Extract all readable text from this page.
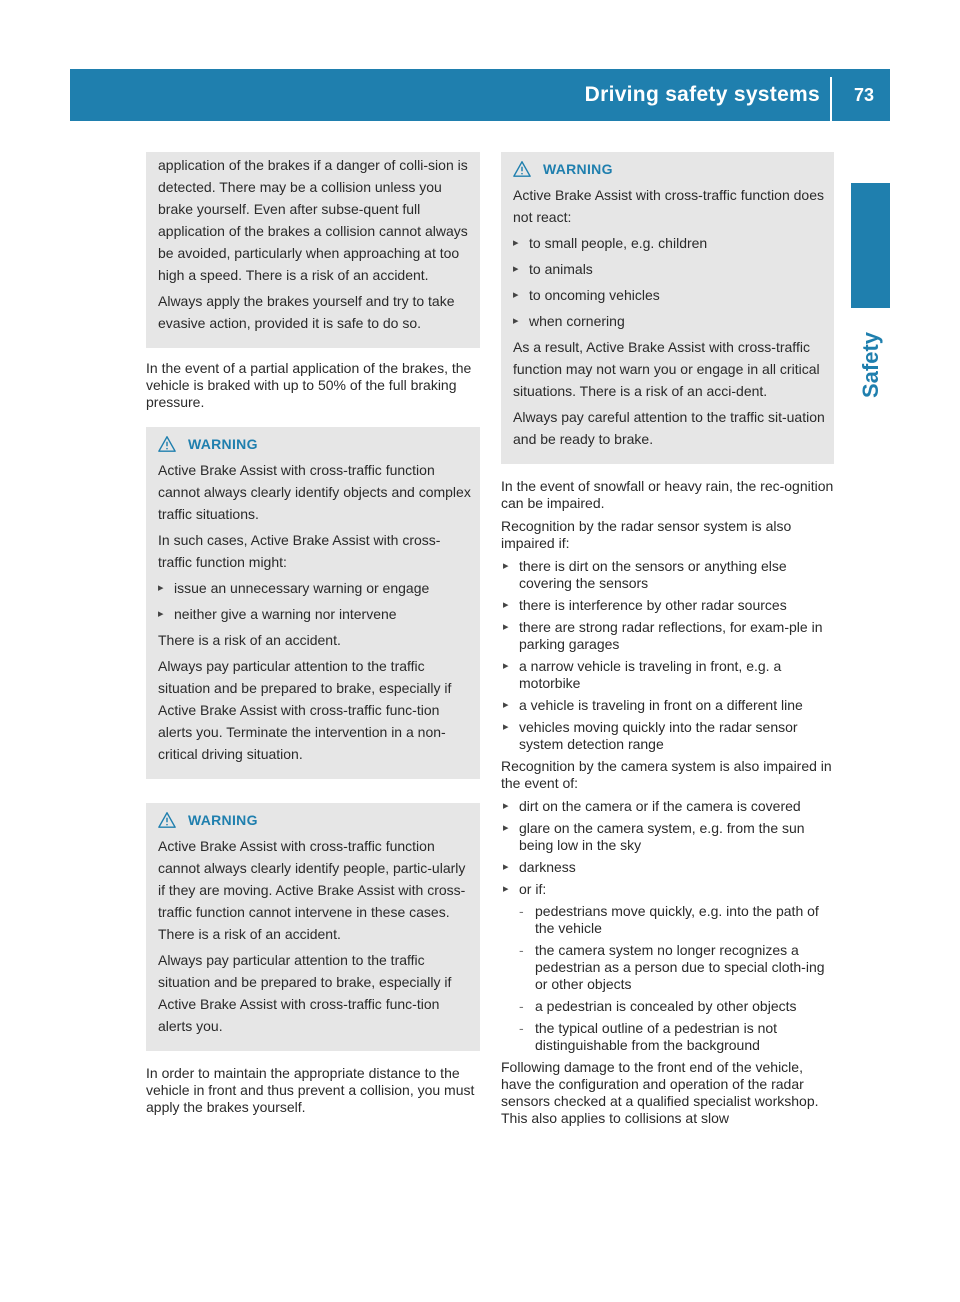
Driving safety systems 73
Safety

application of the brakes if a danger of colli-sion is detected. There may be a collision unless you brake yourself. Even after subse-quent full application of the brakes a collision cannot always be avoided, particularly when approaching at too high a speed. There is a risk of an accident.

Always apply the brakes yourself and try to take evasive action, provided it is safe to do so.

In the event of a partial application of the brakes, the vehicle is braked with up to 50% of the full braking pressure.

WARNING

Active Brake Assist with cross-traffic function cannot always clearly identify objects and complex traffic situations.

In such cases, Active Brake Assist with cross-traffic function might:

▸ issue an unnecessary warning or engage
▸ neither give a warning nor intervene

There is a risk of an accident.

Always pay particular attention to the traffic situation and be prepared to brake, especially if Active Brake Assist with cross-traffic func-tion alerts you. Terminate the intervention in a non-critical driving situation.

WARNING

Active Brake Assist with cross-traffic function cannot always clearly identify people, partic-ularly if they are moving. Active Brake Assist with cross-traffic function cannot intervene in these cases. There is a risk of an accident.

Always pay particular attention to the traffic situation and be prepared to brake, especially if Active Brake Assist with cross-traffic func-tion alerts you.

In order to maintain the appropriate distance to the vehicle in front and thus prevent a collision, you must apply the brakes yourself.

WARNING

Active Brake Assist with cross-traffic function does not react:

▸ to small people, e.g. children
▸ to animals
▸ to oncoming vehicles
▸ when cornering

As a result, Active Brake Assist with cross-traffic function may not warn you or engage in all critical situations. There is a risk of an acci-dent.

Always pay careful attention to the traffic sit-uation and be ready to brake.

In the event of snowfall or heavy rain, the rec-ognition can be impaired.

Recognition by the radar sensor system is also impaired if:

▸ there is dirt on the sensors or anything else covering the sensors
▸ there is interference by other radar sources
▸ there are strong radar reflections, for exam-ple in parking garages
▸ a narrow vehicle is traveling in front, e.g. a motorbike
▸ a vehicle is traveling in front on a different line
▸ vehicles moving quickly into the radar sensor system detection range

Recognition by the camera system is also impaired in the event of:

▸ dirt on the camera or if the camera is covered
▸ glare on the camera system, e.g. from the sun being low in the sky
▸ darkness
▸ or if:
- pedestrians move quickly, e.g. into the path of the vehicle
- the camera system no longer recognizes a pedestrian as a person due to special cloth-ing or other objects
- a pedestrian is concealed by other objects
- the typical outline of a pedestrian is not distinguishable from the background

Following damage to the front end of the vehicle, have the configuration and operation of the radar sensors checked at a qualified specialist workshop. This also applies to collisions at slow
